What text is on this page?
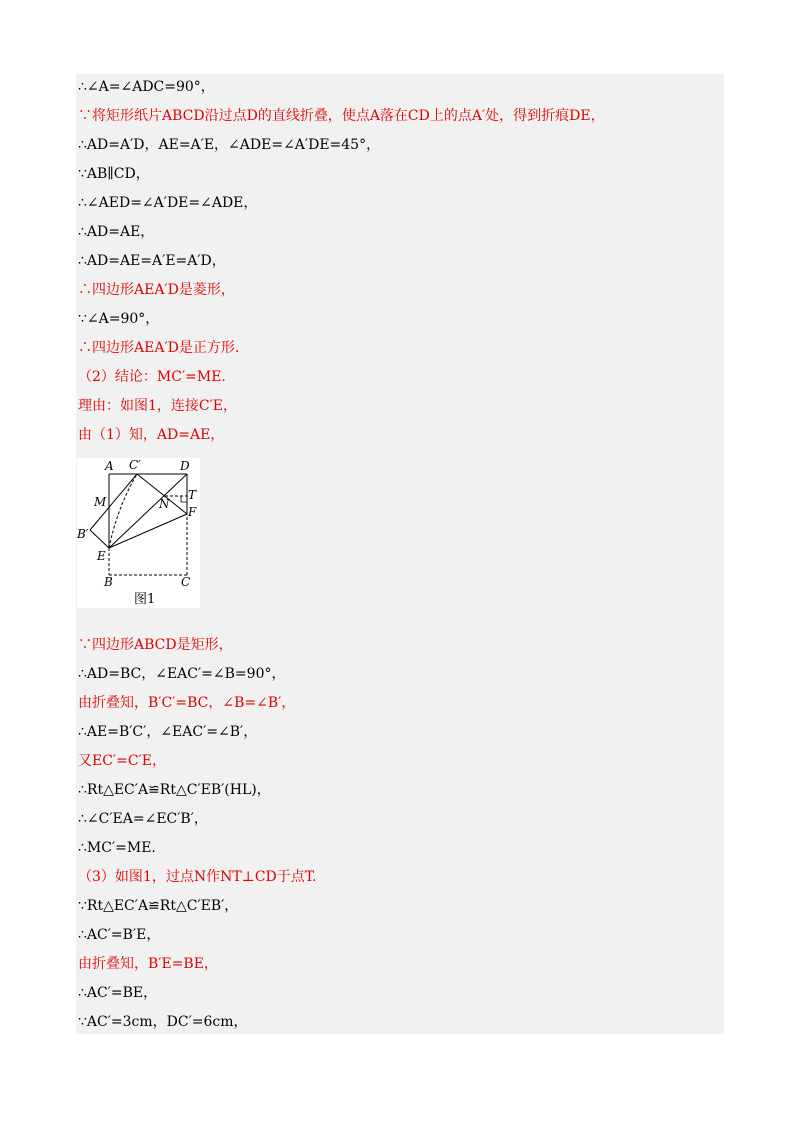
∴∠A=∠ADC=90°，
∵将矩形纸片ABCD沿过点D的直线折叠，使点A落在CD上的点A′处，得到折痕DE，
∴AD=A′D，AE=A′E，∠ADE=∠A′DE=45°，
∵AB∥CD，
∴∠AED=∠A′DE=∠ADE，
∴AD=AE，
∴AD=AE=A′E=A′D，
∴四边形AEA′D是菱形，
∵∠A=90°，
∴四边形AEA′D是正方形.
（2）结论：MC′=ME.
理由：如图1，连接C′E，
由（1）知，AD=AE，
∵四边形ABCD是矩形，
∴AD=BC，∠EAC′=∠B=90°，
由折叠知，B′C′=BC，∠B=∠B′，
∴AE=B′C′，∠EAC′=∠B′，
又EC′=C′E，
∴Rt△EC′A≌Rt△C′EB′(HL)，
∴∠C′EA=∠EC′B′，
∴MC′=ME.
（3）如图1，过点N作NT⊥CD于点T.
∵Rt△EC′A≌Rt△C′EB′，
∴AC′=B′E，
由折叠知，B′E=BE，
∴AC′=BE，
∵AC′=3cm，DC′=6cm，
A C′	D
M	T
N
F
B′
E
B	C
图1
